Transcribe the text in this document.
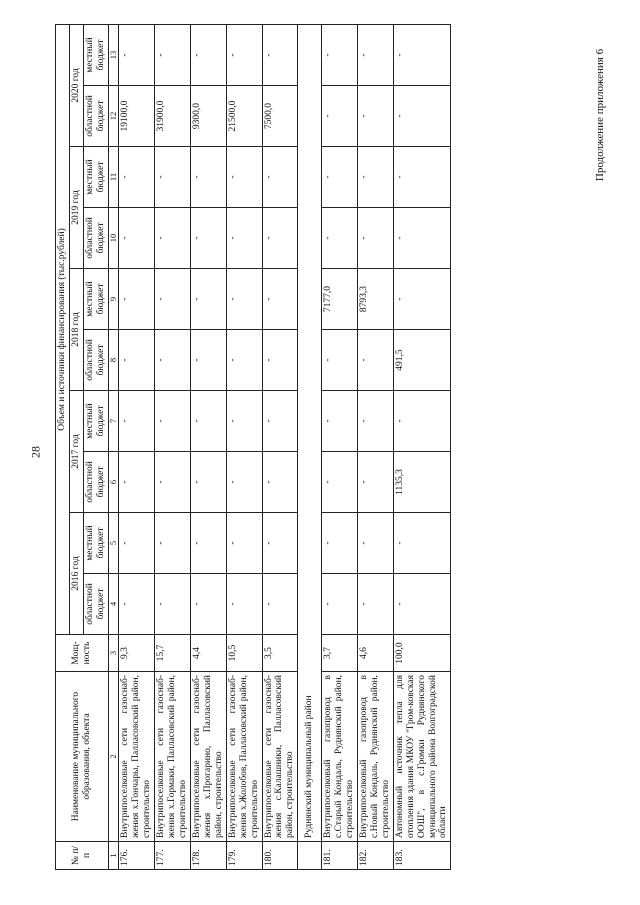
28
Продолжение приложения 6
№ п/п	Наименование муниципального образования, объекта	Мощ-ность	Объем и источники финансирования (тыс.рублей)									
			2016 год		2017 год		2018 год		2019 год		2020 год	
			областной бюджет	местный бюджет	областной бюджет	местный бюджет	областной бюджет	местный бюджет	областной бюджет	местный бюджет	областной бюджет	местный бюджет
1	2	3	4	5	6	7	8	9	10	11	12	13
176.	Внутрипоселковые сети газоснаб-жения х.Гончары, Палласовский район, строительство	9,3	-	-	-	-	-	-	-	-	19100,0	-
177.	Внутрипоселковые сети газоснаб-жения х.Гормаки, Палласовский район, строительство	15,7	-	-	-	-	-	-	-	-	31900,0	-
178.	Внутрипоселковые сети газоснаб-жения х.Прогарино, Палласовский район, строительство	4,4	-	-	-	-	-	-	-	-	9300,0	-
179.	Внутрипоселковые сети газоснаб-жения х.Жолобов, Палласовский район, строительство	10,5	-	-	-	-	-	-	-	-	21500,0	-
180.	Внутрипоселковые сети газоснаб-жения с.Калашники, Палласовский район, строительство	3,5	-	-	-	-	-	-	-	-	7500,0	-
	Руднянский муниципальный район											
181.	Внутрипоселковый газопровод в с.Старый Кондаль, Руднянский район, строительство	3,7	-	-	-	-	-	7177,0	-	-	-	-
182.	Внутрипоселковый газопровод в с.Новый Кондаль, Руднянский район, строительство	4,6	-	-	-	-	-	8793,3	-	-	-	-
183.	Автономный источник тепла для отопления здания МКОУ "Гром-ковская ООШ", в с.Громки Руднянского муниципального района Волгоградской области	100,0	-	-	1135,3	-	491,5	-	-	-	-	-
